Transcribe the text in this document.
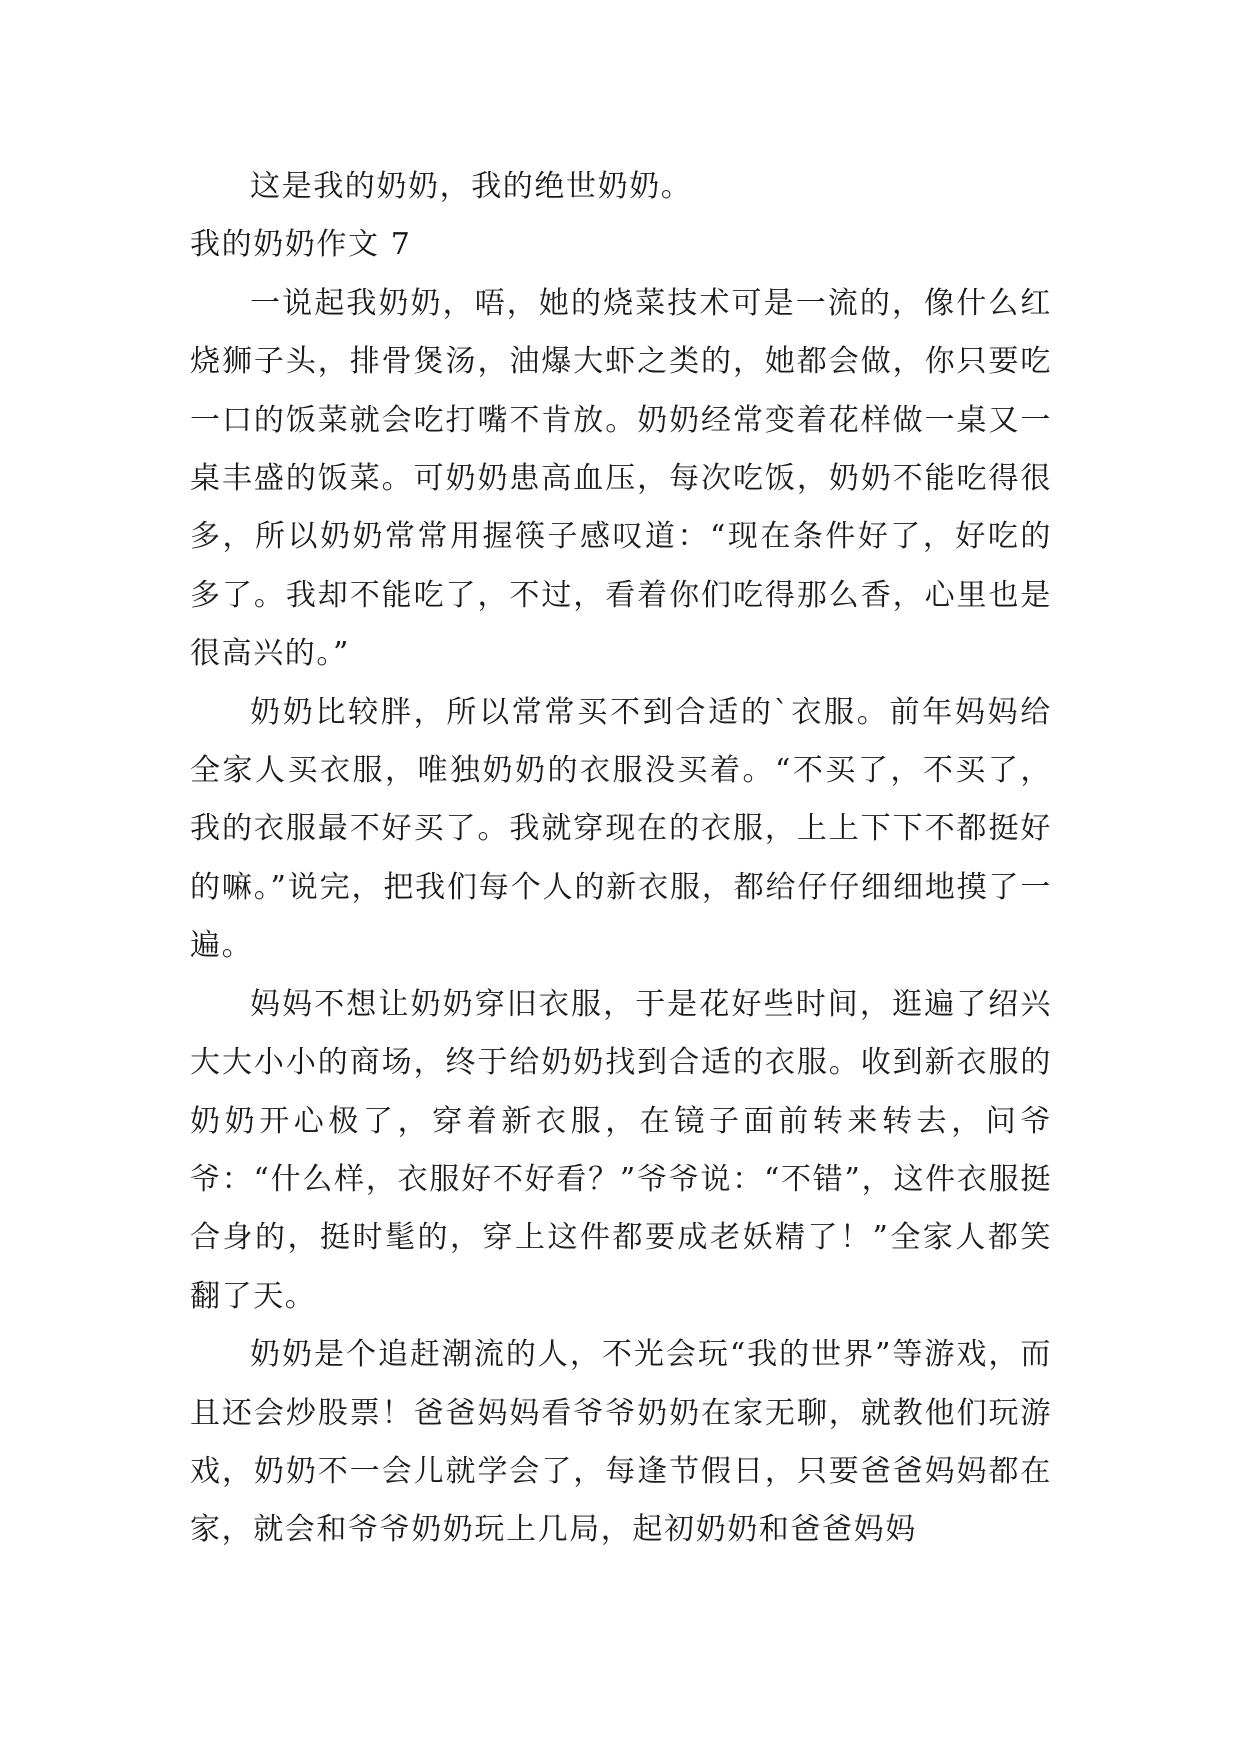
这是我的奶奶，我的绝世奶奶。

我的奶奶作文 7

一说起我奶奶，唔，她的烧菜技术可是一流的，像什么红烧狮子头，排骨煲汤，油爆大虾之类的，她都会做，你只要吃一口的饭菜就会吃打嘴不肯放。奶奶经常变着花样做一桌又一桌丰盛的饭菜。可奶奶患高血压，每次吃饭，奶奶不能吃得很多，所以奶奶常常用握筷子感叹道：“现在条件好了，好吃的多了。我却不能吃了，不过，看着你们吃得那么香，心里也是很高兴的。”

奶奶比较胖，所以常常买不到合适的`衣服。前年妈妈给全家人买衣服，唯独奶奶的衣服没买着。“不买了，不买了，我的衣服最不好买了。我就穿现在的衣服，上上下下不都挺好的嘛。”说完，把我们每个人的新衣服，都给仔仔细细地摸了一遍。

妈妈不想让奶奶穿旧衣服，于是花好些时间，逛遍了绍兴大大小小的商场，终于给奶奶找到合适的衣服。收到新衣服的奶奶开心极了，穿着新衣服，在镜子面前转来转去，问爷爷：“什么样，衣服好不好看？”爷爷说：“不错”，这件衣服挺合身的，挺时髦的，穿上这件都要成老妖精了！”全家人都笑翻了天。

奶奶是个追赶潮流的人，不光会玩“我的世界”等游戏，而且还会炒股票！爸爸妈妈看爷爷奶奶在家无聊，就教他们玩游戏，奶奶不一会儿就学会了，每逢节假日，只要爸爸妈妈都在家，就会和爷爷奶奶玩上几局，起初奶奶和爸爸妈妈
